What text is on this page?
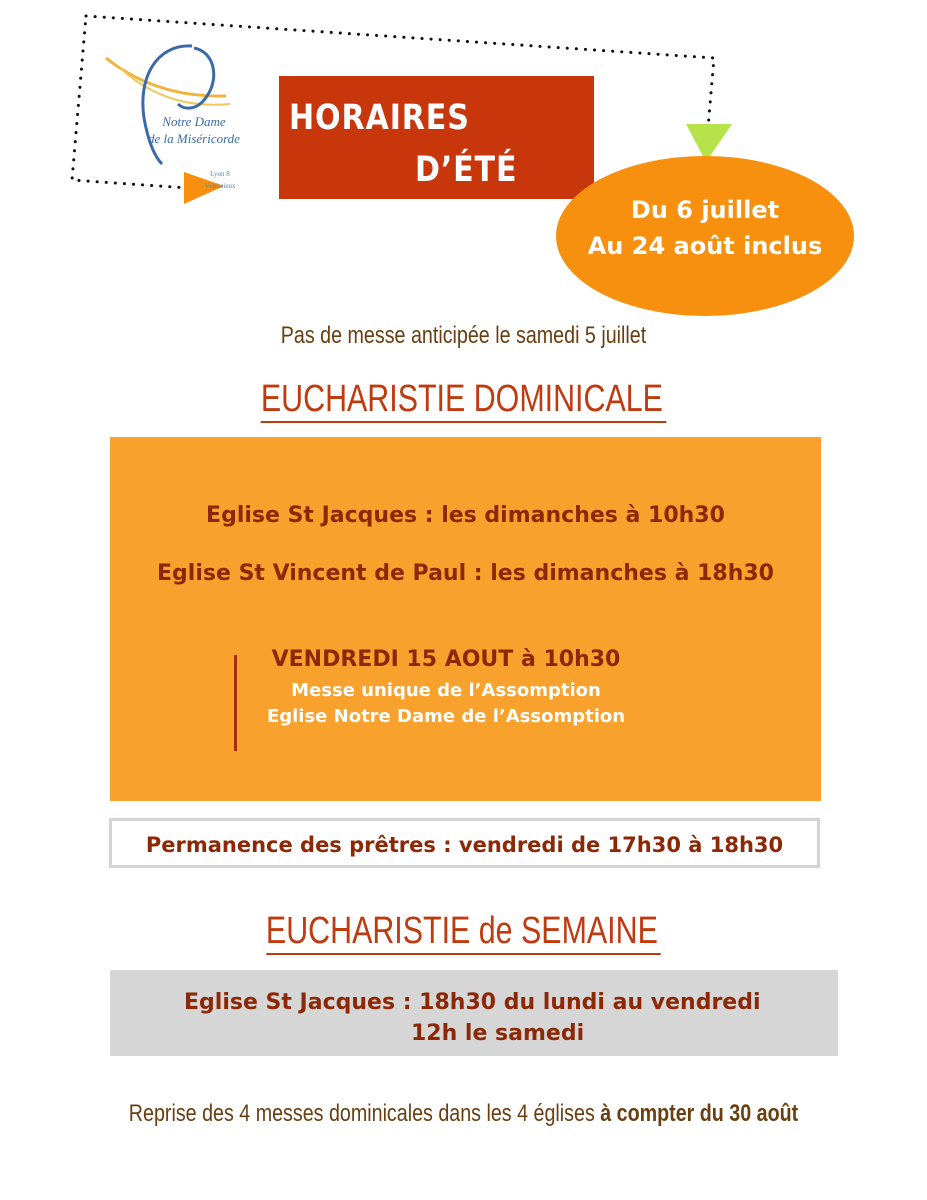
Notre Dame
de la Miséricorde
Lyon 8
Vénissieux
HORAIRES
D’ÉTÉ
Du 6 juillet
Au 24 août inclus
Pas de messe anticipée le samedi 5 juillet
EUCHARISTIE DOMINICALE
Eglise St Jacques : les dimanches à 10h30
Eglise St Vincent de Paul : les dimanches à 18h30
VENDREDI 15 AOUT à 10h30
Messe unique de l’Assomption
Eglise Notre Dame de l’Assomption
Permanence des prêtres : vendredi de 17h30 à 18h30
EUCHARISTIE de SEMAINE
Eglise St Jacques : 18h30 du lundi au vendredi
12h le samedi
Reprise des 4 messes dominicales dans les 4 églises à compter du 30 août
